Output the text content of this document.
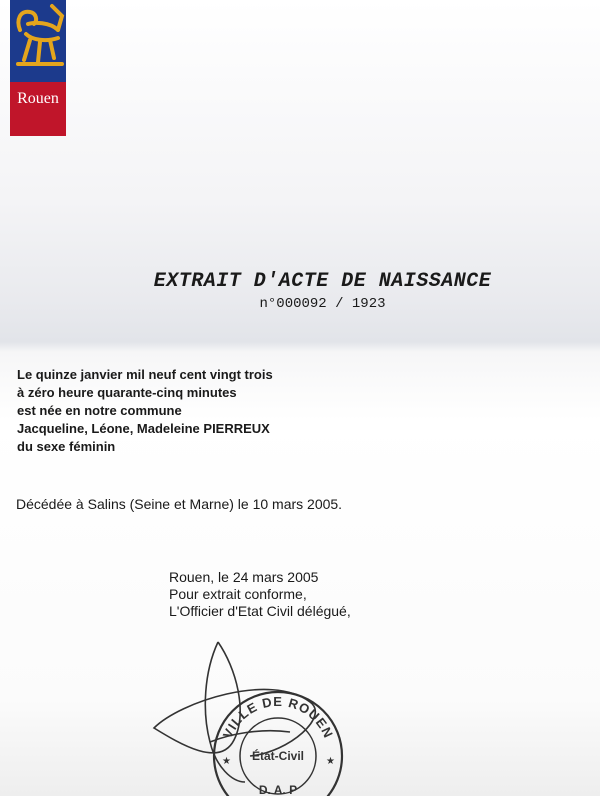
Rouen
EXTRAIT D'ACTE DE NAISSANCE
n°000092 / 1923
Le quinze janvier mil neuf cent vingt trois
à zéro heure quarante-cinq minutes
est née en notre commune
Jacqueline, Léone, Madeleine PIERREUX
du sexe féminin
Décédée à Salins (Seine et Marne) le 10 mars 2005.
Rouen, le 24 mars 2005
Pour extrait conforme,
L'Officier d'Etat Civil délégué,
VILLE DE ROUEN
État-Civil
D. A. P
★	★
